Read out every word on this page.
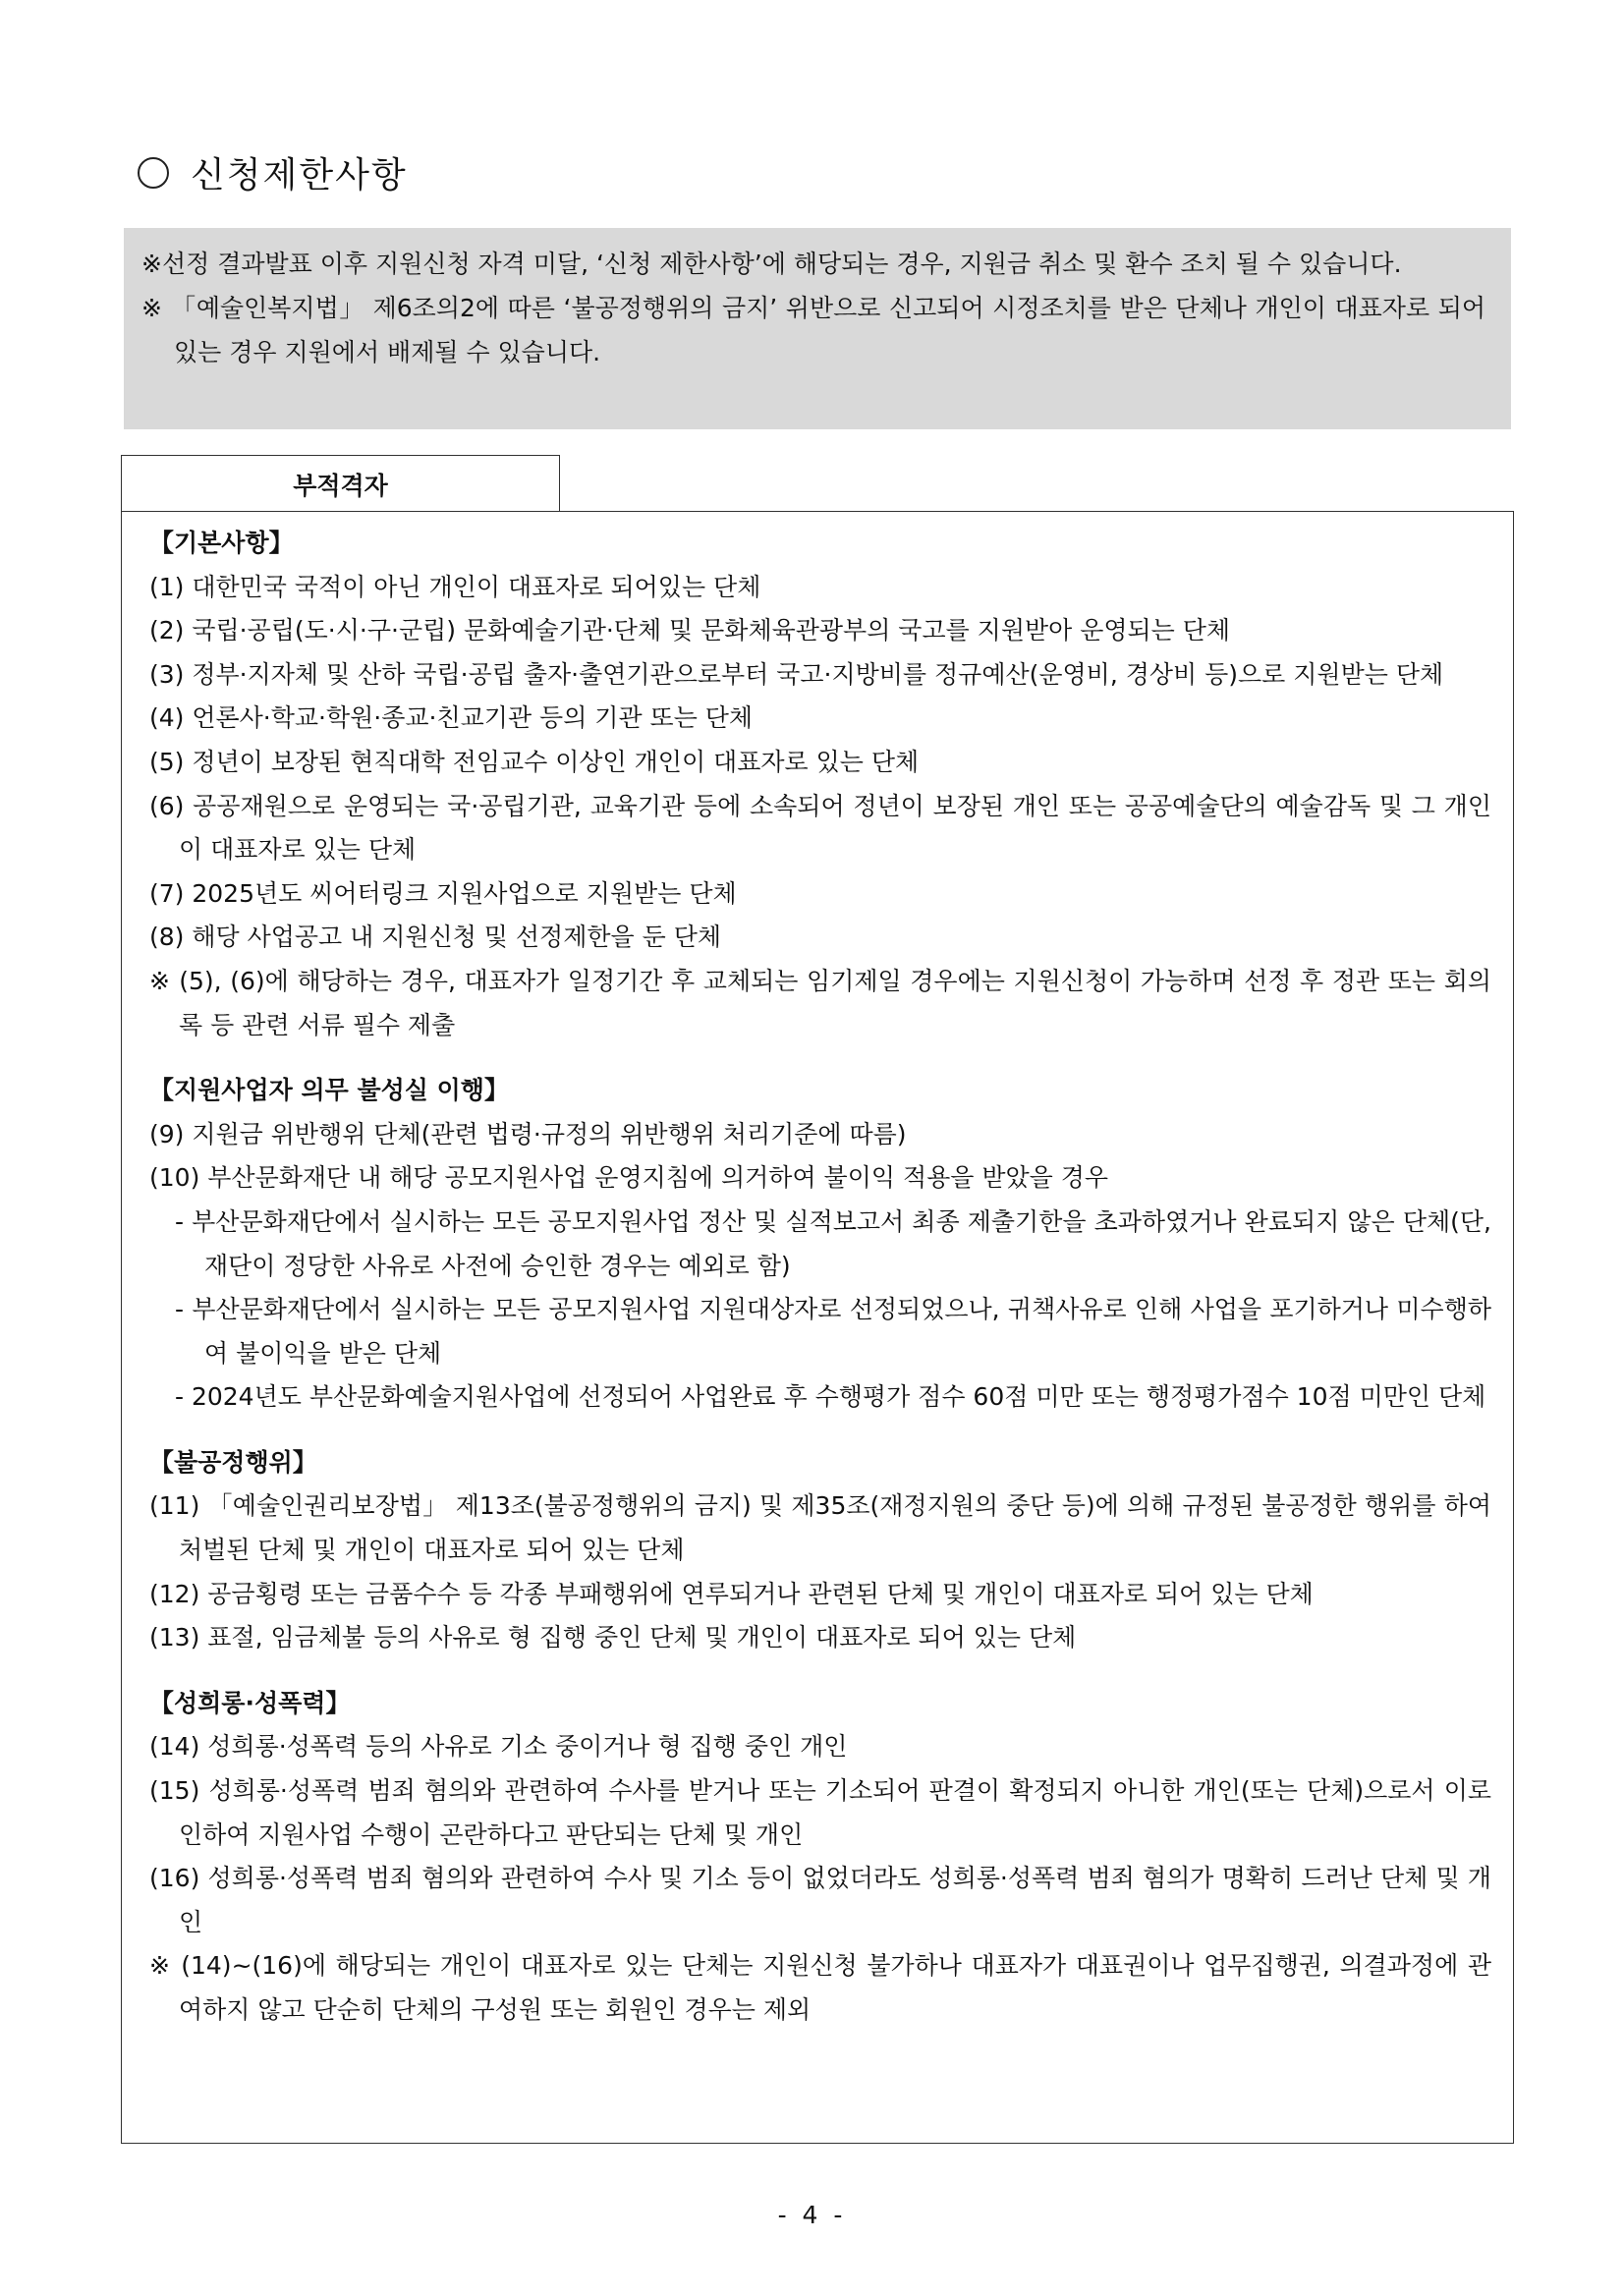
신청제한사항

※선정 결과발표 이후 지원신청 자격 미달, ‘신청 제한사항’에 해당되는 경우, 지원금 취소 및 환수 조치 될 수 있습니다.

※ 「예술인복지법」 제6조의2에 따른 ‘불공정행위의 금지’ 위반으로 신고되어 시정조치를 받은 단체나 개인이 대표자로 되어있는 경우 지원에서 배제될 수 있습니다.

부적격자

【기본사항】

(1) 대한민국 국적이 아닌 개인이 대표자로 되어있는 단체

(2) 국립·공립(도·시·구·군립) 문화예술기관·단체 및 문화체육관광부의 국고를 지원받아 운영되는 단체

(3) 정부·지자체 및 산하 국립·공립 출자·출연기관으로부터 국고·지방비를 정규예산(운영비, 경상비 등)으로 지원받는 단체

(4) 언론사·학교·학원·종교·친교기관 등의 기관 또는 단체

(5) 정년이 보장된 현직대학 전임교수 이상인 개인이 대표자로 있는 단체

(6) 공공재원으로 운영되는 국·공립기관, 교육기관 등에 소속되어 정년이 보장된 개인 또는 공공예술단의 예술감독 및 그 개인이 대표자로 있는 단체

(7) 2025년도 씨어터링크 지원사업으로 지원받는 단체

(8) 해당 사업공고 내 지원신청 및 선정제한을 둔 단체

※ (5), (6)에 해당하는 경우, 대표자가 일정기간 후 교체되는 임기제일 경우에는 지원신청이 가능하며 선정 후 정관 또는 회의록 등 관련 서류 필수 제출

【지원사업자 의무 불성실 이행】

(9) 지원금 위반행위 단체(관련 법령·규정의 위반행위 처리기준에 따름)

(10) 부산문화재단 내 해당 공모지원사업 운영지침에 의거하여 불이익 적용을 받았을 경우

- 부산문화재단에서 실시하는 모든 공모지원사업 정산 및 실적보고서 최종 제출기한을 초과하였거나 완료되지 않은 단체(단, 재단이 정당한 사유로 사전에 승인한 경우는 예외로 함)

- 부산문화재단에서 실시하는 모든 공모지원사업 지원대상자로 선정되었으나, 귀책사유로 인해 사업을 포기하거나 미수행하여 불이익을 받은 단체

- 2024년도 부산문화예술지원사업에 선정되어 사업완료 후 수행평가 점수 60점 미만 또는 행정평가점수 10점 미만인 단체

【불공정행위】

(11) 「예술인권리보장법」 제13조(불공정행위의 금지) 및 제35조(재정지원의 중단 등)에 의해 규정된 불공정한 행위를 하여 처벌된 단체 및 개인이 대표자로 되어 있는 단체

(12) 공금횡령 또는 금품수수 등 각종 부패행위에 연루되거나 관련된 단체 및 개인이 대표자로 되어 있는 단체

(13) 표절, 임금체불 등의 사유로 형 집행 중인 단체 및 개인이 대표자로 되어 있는 단체

【성희롱·성폭력】

(14) 성희롱·성폭력 등의 사유로 기소 중이거나 형 집행 중인 개인

(15) 성희롱·성폭력 범죄 혐의와 관련하여 수사를 받거나 또는 기소되어 판결이 확정되지 아니한 개인(또는 단체)으로서 이로 인하여 지원사업 수행이 곤란하다고 판단되는 단체 및 개인

(16) 성희롱·성폭력 범죄 혐의와 관련하여 수사 및 기소 등이 없었더라도 성희롱·성폭력 범죄 혐의가 명확히 드러난 단체 및 개인

※ (14)~(16)에 해당되는 개인이 대표자로 있는 단체는 지원신청 불가하나 대표자가 대표권이나 업무집행권, 의결과정에 관여하지 않고 단순히 단체의 구성원 또는 회원인 경우는 제외

- 4 -
